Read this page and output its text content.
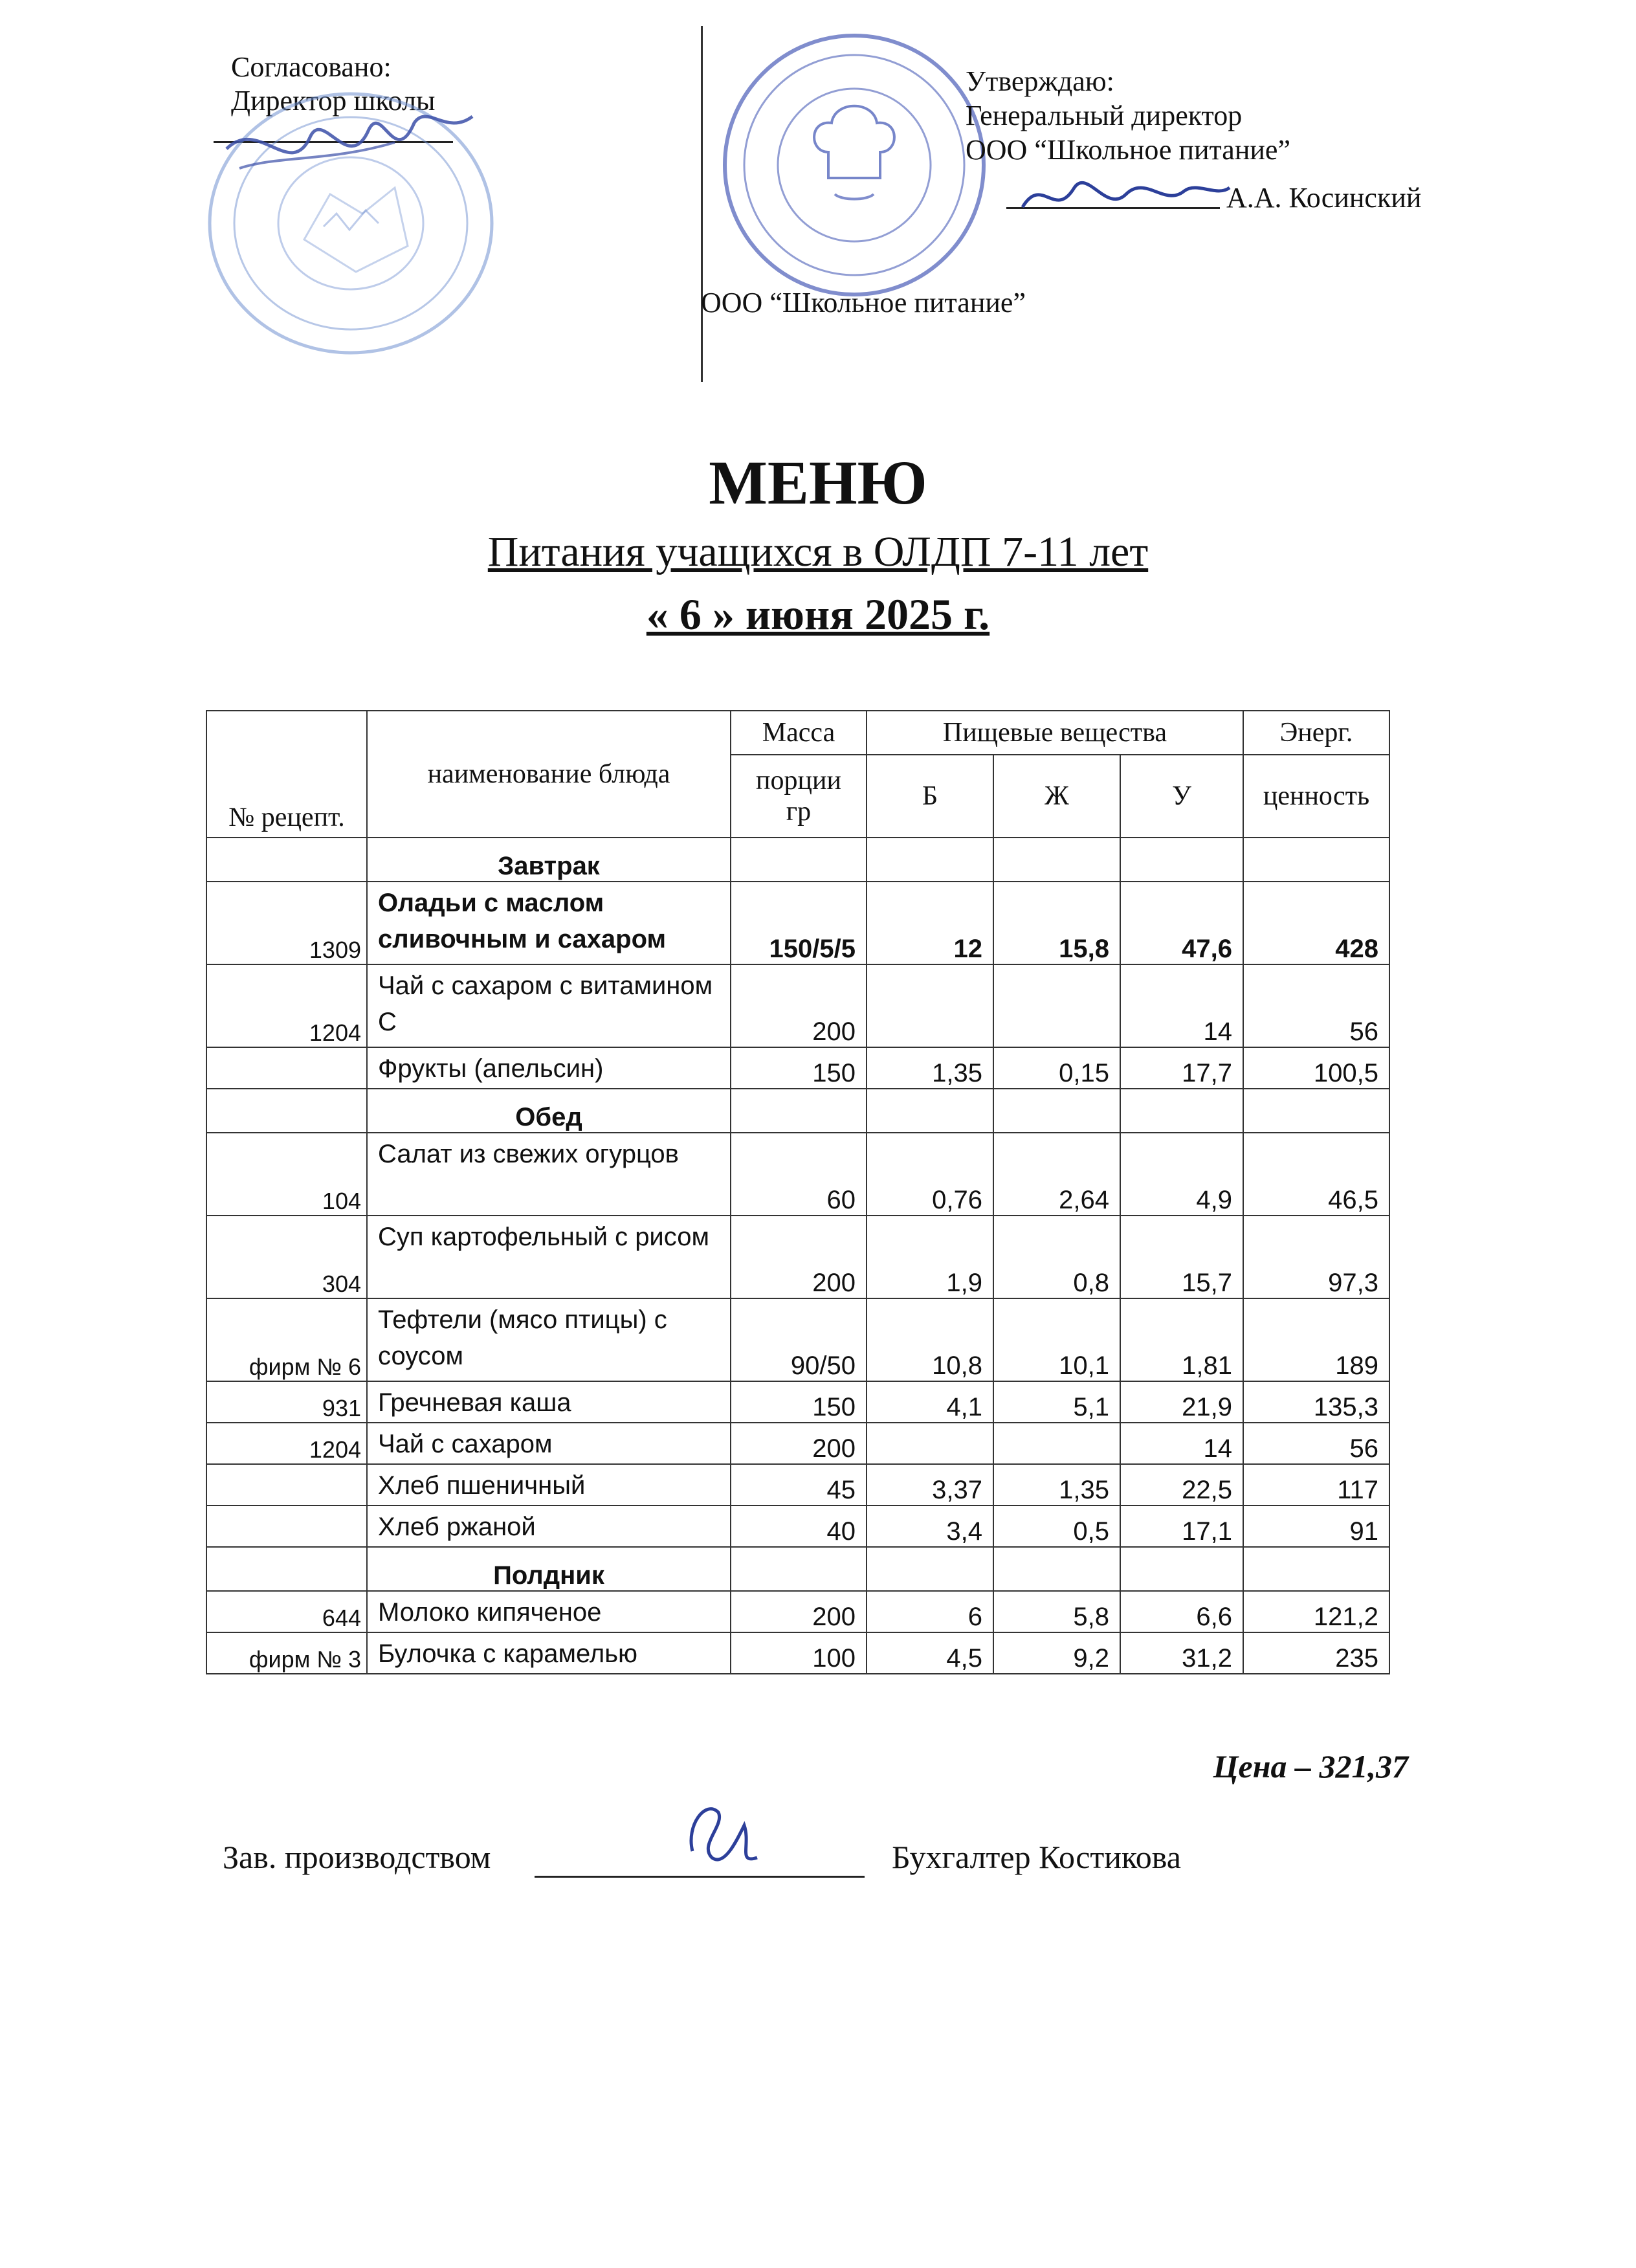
Согласовано:
Директор школы
Утверждаю:
Генеральный директор
ООО “Школьное питание”
А.А. Косинский
ООО “Школьное питание”
МЕНЮ
Питания учащихся в ОЛДП 7-11 лет
« 6 » июня 2025 г.
№ рецепт.	наименование блюда	Масса	Пищевые вещества			Энерг.
		порции гр	Б	Ж	У	ценность
	Завтрак					
1309	Оладьи с маслом сливочным и сахаром	150/5/5	12	15,8	47,6	428
1204	Чай с сахаром с витамином С	200			14	56
	Фрукты (апельсин)	150	1,35	0,15	17,7	100,5
	Обед					
104	Салат из свежих огурцов	60	0,76	2,64	4,9	46,5
304	Суп картофельный с рисом	200	1,9	0,8	15,7	97,3
фирм № 6	Тефтели (мясо птицы) с соусом	90/50	10,8	10,1	1,81	189
931	Гречневая каша	150	4,1	5,1	21,9	135,3
1204	Чай с сахаром	200			14	56
	Хлеб пшеничный	45	3,37	1,35	22,5	117
	Хлеб ржаной	40	3,4	0,5	17,1	91
	Полдник					
644	Молоко кипяченое	200	6	5,8	6,6	121,2
фирм № 3	Булочка с карамелью	100	4,5	9,2	31,2	235
Цена – 321,37
Зав. производством	Бухгалтер Костикова
